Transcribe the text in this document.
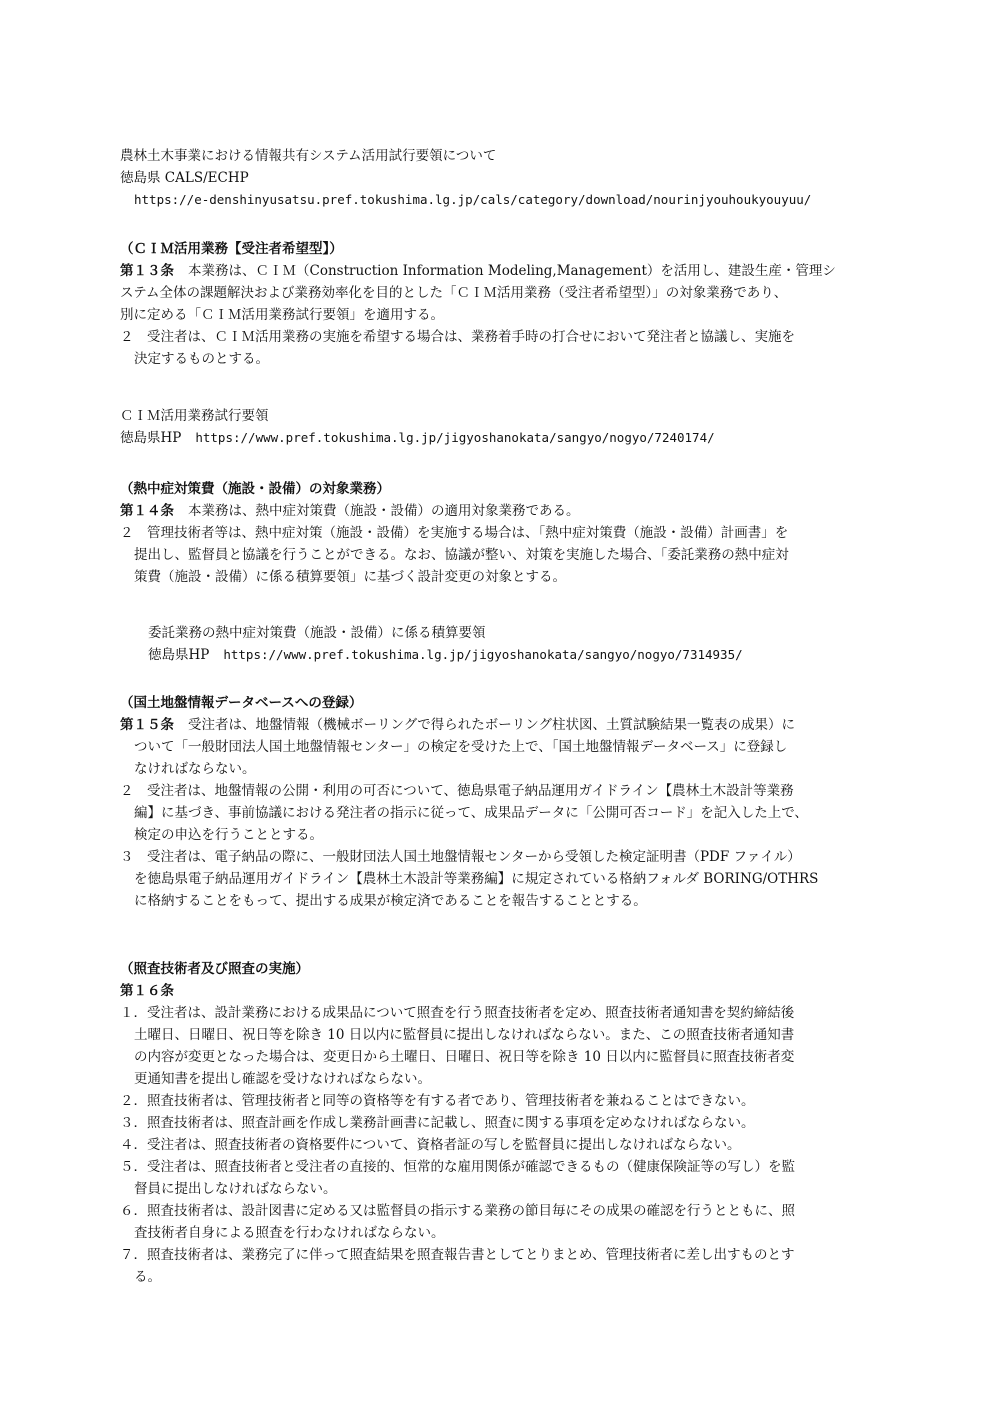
農林土木事業における情報共有システム活用試行要領について
徳島県 CALS/ECHP
https://e-denshinyusatsu.pref.tokushima.lg.jp/cals/category/download/nourinjyouhoukyouyuu/
（ＣＩＭ活用業務【受注者希望型】）
第１３条 本業務は、ＣＩＭ（Construction Information Modeling,Management）を活用し、建設生産・管理シ
ステム全体の課題解決および業務効率化を目的とした「ＣＩＭ活用業務（受注者希望型）」の対象業務であり、
別に定める「ＣＩＭ活用業務試行要領」を適用する。
２　受注者は、ＣＩＭ活用業務の実施を希望する場合は、業務着手時の打合せにおいて発注者と協議し、実施を
決定するものとする。
ＣＩＭ活用業務試行要領
徳島県HP https://www.pref.tokushima.lg.jp/jigyoshanokata/sangyo/nogyo/7240174/
（熱中症対策費（施設・設備）の対象業務）
第１４条 本業務は、熱中症対策費（施設・設備）の適用対象業務である。
２　管理技術者等は、熱中症対策（施設・設備）を実施する場合は、「熱中症対策費（施設・設備）計画書」を
提出し、監督員と協議を行うことができる。なお、協議が整い、対策を実施した場合、「委託業務の熱中症対
策費（施設・設備）に係る積算要領」に基づく設計変更の対象とする。
委託業務の熱中症対策費（施設・設備）に係る積算要領
徳島県HP https://www.pref.tokushima.lg.jp/jigyoshanokata/sangyo/nogyo/7314935/
（国土地盤情報データベースへの登録）
第１５条 受注者は、地盤情報（機械ボーリングで得られたボーリング柱状図、土質試験結果一覧表の成果）に
ついて「一般財団法人国土地盤情報センター」の検定を受けた上で、「国土地盤情報データベース」に登録し
なければならない。
２　受注者は、地盤情報の公開・利用の可否について、徳島県電子納品運用ガイドライン【農林土木設計等業務
編】に基づき、事前協議における発注者の指示に従って、成果品データに「公開可否コード」を記入した上で、
検定の申込を行うこととする。
３　受注者は、電子納品の際に、一般財団法人国土地盤情報センターから受領した検定証明書（PDF ファイル）
を徳島県電子納品運用ガイドライン【農林土木設計等業務編】に規定されている格納フォルダ BORING/OTHRS
に格納することをもって、提出する成果が検定済であることを報告することとする。
（照査技術者及び照査の実施）
第１６条
１．受注者は、設計業務における成果品について照査を行う照査技術者を定め、照査技術者通知書を契約締結後
土曜日、日曜日、祝日等を除き 10 日以内に監督員に提出しなければならない。また、この照査技術者通知書
の内容が変更となった場合は、変更日から土曜日、日曜日、祝日等を除き 10 日以内に監督員に照査技術者変
更通知書を提出し確認を受けなければならない。
２．照査技術者は、管理技術者と同等の資格等を有する者であり、管理技術者を兼ねることはできない。
３．照査技術者は、照査計画を作成し業務計画書に記載し、照査に関する事項を定めなければならない。
４．受注者は、照査技術者の資格要件について、資格者証の写しを監督員に提出しなければならない。
５．受注者は、照査技術者と受注者の直接的、恒常的な雇用関係が確認できるもの（健康保険証等の写し）を監
督員に提出しなければならない。
６．照査技術者は、設計図書に定める又は監督員の指示する業務の節目毎にその成果の確認を行うとともに、照
査技術者自身による照査を行わなければならない。
７．照査技術者は、業務完了に伴って照査結果を照査報告書としてとりまとめ、管理技術者に差し出すものとす
る。
